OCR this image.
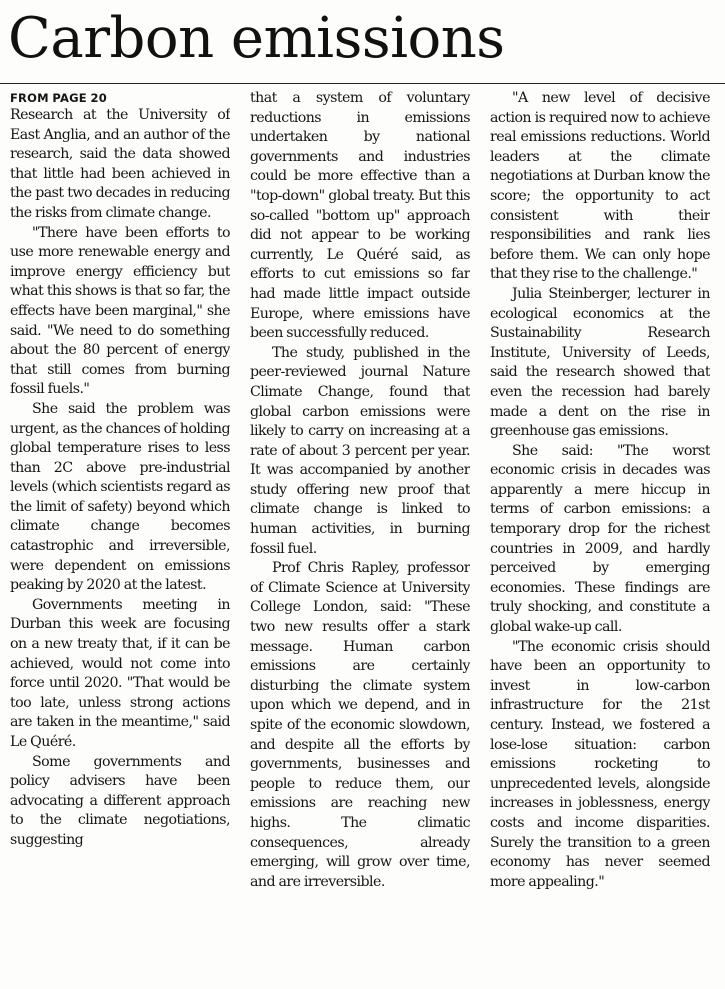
Carbon emissions
FROM PAGE 20

Research at the University of East Anglia, and an author of the research, said the data showed that little had been achieved in the past two decades in reducing the risks from climate change.

"There have been efforts to use more renewable energy and improve energy efficiency but what this shows is that so far, the effects have been marginal," she said. "We need to do something about the 80 percent of energy that still comes from burning fossil fuels."

She said the problem was urgent, as the chances of holding global temperature rises to less than 2C above pre-industrial levels (which scientists regard as the limit of safety) beyond which climate change becomes catastrophic and irreversible, were dependent on emissions peaking by 2020 at the latest.

Governments meeting in Durban this week are focusing on a new treaty that, if it can be achieved, would not come into force until 2020. "That would be too late, unless strong actions are taken in the meantime," said Le Quéré.

Some governments and policy advisers have been advocating a different approach to the climate negotiations, suggesting

that a system of voluntary reductions in emissions undertaken by national governments and industries could be more effective than a "top-down" global treaty. But this so-called "bottom up" approach did not appear to be working currently, Le Quéré said, as efforts to cut emissions so far had made little impact outside Europe, where emissions have been successfully reduced.

The study, published in the peer-reviewed journal Nature Climate Change, found that global carbon emissions were likely to carry on increasing at a rate of about 3 percent per year. It was accompanied by another study offering new proof that climate change is linked to human activities, in burning fossil fuel.

Prof Chris Rapley, professor of Climate Science at University College London, said: "These two new results offer a stark message. Human carbon emissions are certainly disturbing the climate system upon which we depend, and in spite of the economic slowdown, and despite all the efforts by governments, businesses and people to reduce them, our emissions are reaching new highs. The climatic consequences, already emerging, will grow over time, and are irreversible.

"A new level of decisive action is required now to achieve real emissions reductions. World leaders at the climate negotiations at Durban know the score; the opportunity to act consistent with their responsibilities and rank lies before them. We can only hope that they rise to the challenge."

Julia Steinberger, lecturer in ecological economics at the Sustainability Research Institute, University of Leeds, said the research showed that even the recession had barely made a dent on the rise in greenhouse gas emissions.

She said: "The worst economic crisis in decades was apparently a mere hiccup in terms of carbon emissions: a temporary drop for the richest countries in 2009, and hardly perceived by emerging economies. These findings are truly shocking, and constitute a global wake-up call.

"The economic crisis should have been an opportunity to invest in low-carbon infrastructure for the 21st century. Instead, we fostered a lose-lose situation: carbon emissions rocketing to unprecedented levels, alongside increases in joblessness, energy costs and income disparities. Surely the transition to a green economy has never seemed more appealing."
